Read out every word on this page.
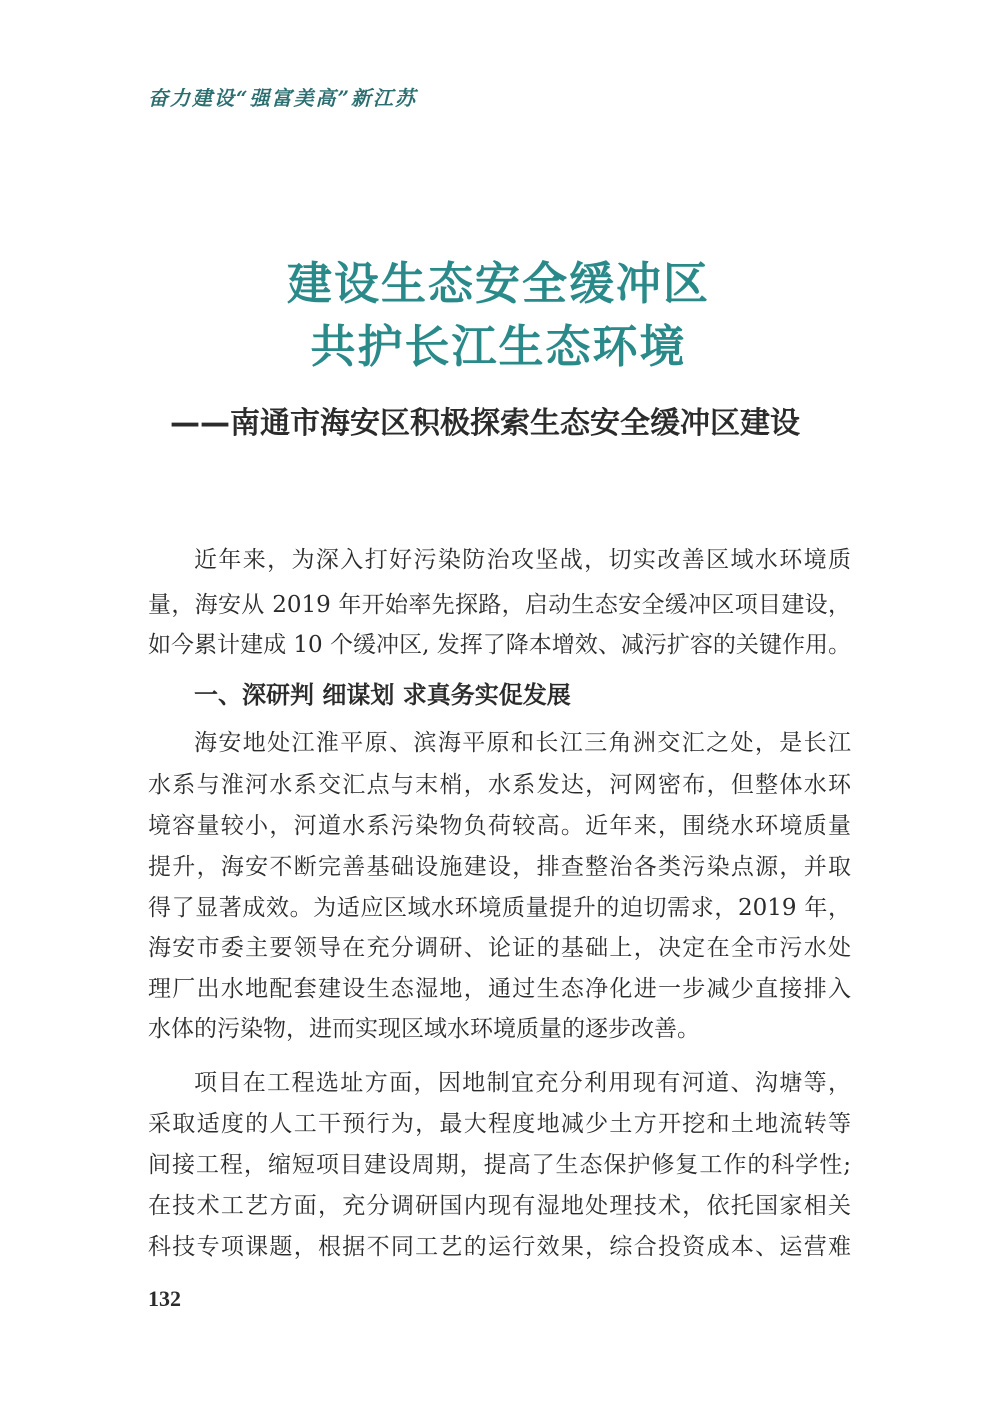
奋力建设“强富美高”新江苏
建设生态安全缓冲区
共护长江生态环境
——南通市海安区积极探索生态安全缓冲区建设
近年来，为深入打好污染防治攻坚战，切实改善区域水环境质
量，海安从 2019 年开始率先探路，启动生态安全缓冲区项目建设，
如今累计建成 10 个缓冲区, 发挥了降本增效、减污扩容的关键作用。
一、深研判 细谋划 求真务实促发展
海安地处江淮平原、滨海平原和长江三角洲交汇之处，是长江
水系与淮河水系交汇点与末梢，水系发达，河网密布，但整体水环
境容量较小，河道水系污染物负荷较高。近年来，围绕水环境质量
提升，海安不断完善基础设施建设，排查整治各类污染点源，并取
得了显著成效。为适应区域水环境质量提升的迫切需求，2019 年，
海安市委主要领导在充分调研、论证的基础上，决定在全市污水处
理厂出水地配套建设生态湿地，通过生态净化进一步减少直接排入
水体的污染物，进而实现区域水环境质量的逐步改善。
项目在工程选址方面，因地制宜充分利用现有河道、沟塘等，
采取适度的人工干预行为，最大程度地减少土方开挖和土地流转等
间接工程，缩短项目建设周期，提高了生态保护修复工作的科学性;
在技术工艺方面，充分调研国内现有湿地处理技术，依托国家相关
科技专项课题，根据不同工艺的运行效果，综合投资成本、运营难
132
